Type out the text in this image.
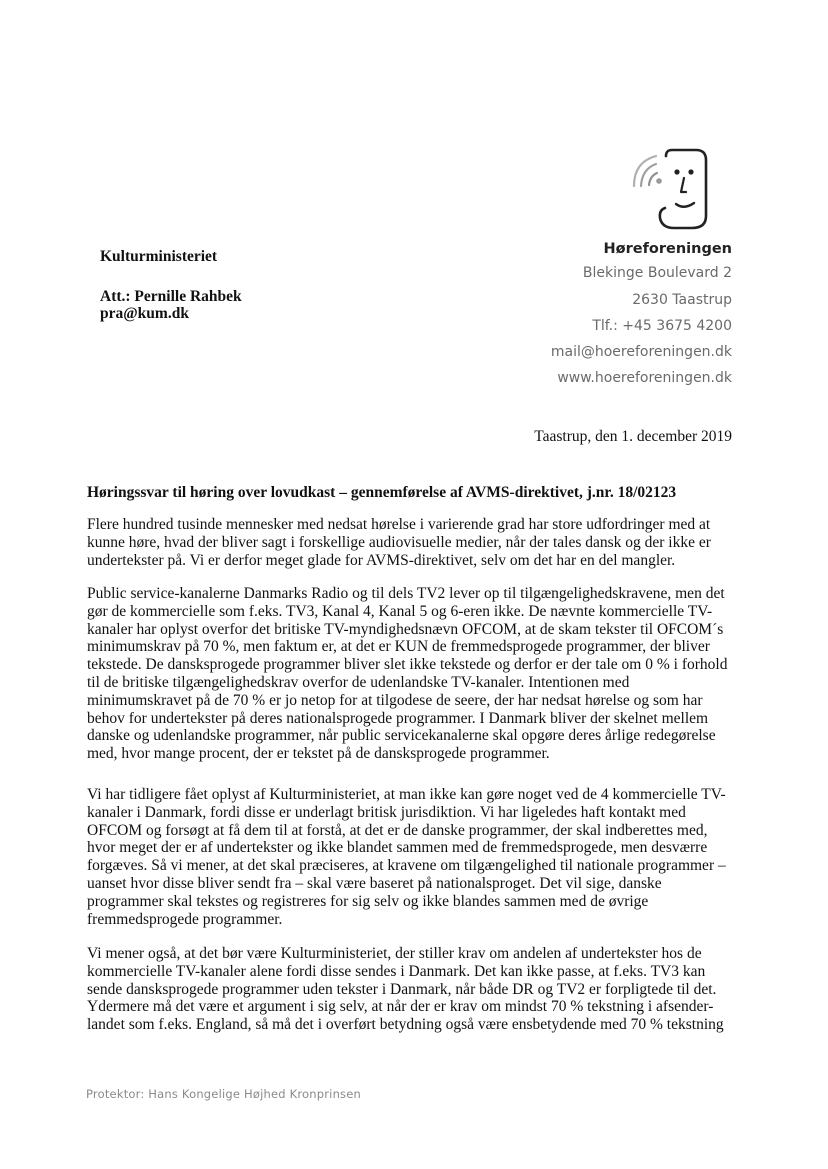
Kulturministeriet
Att.: Pernille Rahbek
pra@kum.dk
Høreforeningen
Blekinge Boulevard 2
2630 Taastrup
Tlf.: +45 3675 4200
mail@hoereforeningen.dk
www.hoereforeningen.dk
Taastrup, den 1. december 2019
Høringssvar til høring over lovudkast – gennemførelse af AVMS-direktivet, j.nr. 18/02123
Flere hundred tusinde mennesker med nedsat hørelse i varierende grad har store udfordringer med at
kunne høre, hvad der bliver sagt i forskellige audiovisuelle medier, når der tales dansk og der ikke er
undertekster på. Vi er derfor meget glade for AVMS-direktivet, selv om det har en del mangler.
Public service-kanalerne Danmarks Radio og til dels TV2 lever op til tilgængelighedskravene, men det
gør de kommercielle som f.eks. TV3, Kanal 4, Kanal 5 og 6-eren ikke. De nævnte kommercielle TV-
kanaler har oplyst overfor det britiske TV-myndighedsnævn OFCOM, at de skam tekster til OFCOM´s
minimumskrav på 70 %, men faktum er, at det er KUN de fremmedsprogede programmer, der bliver
tekstede. De dansksprogede programmer bliver slet ikke tekstede og derfor er der tale om 0 % i forhold
til de britiske tilgængelighedskrav overfor de udenlandske TV-kanaler. Intentionen med
minimumskravet på de 70 % er jo netop for at tilgodese de seere, der har nedsat hørelse og som har
behov for undertekster på deres nationalsprogede programmer. I Danmark bliver der skelnet mellem
danske og udenlandske programmer, når public servicekanalerne skal opgøre deres årlige redegørelse
med, hvor mange procent, der er tekstet på de dansksprogede programmer.
Vi har tidligere fået oplyst af Kulturministeriet, at man ikke kan gøre noget ved de 4 kommercielle TV-
kanaler i Danmark, fordi disse er underlagt britisk jurisdiktion. Vi har ligeledes haft kontakt med
OFCOM og forsøgt at få dem til at forstå, at det er de danske programmer, der skal indberettes med,
hvor meget der er af undertekster og ikke blandet sammen med de fremmedsprogede, men desværre
forgæves. Så vi mener, at det skal præciseres, at kravene om tilgængelighed til nationale programmer –
uanset hvor disse bliver sendt fra – skal være baseret på nationalsproget. Det vil sige, danske
programmer skal tekstes og registreres for sig selv og ikke blandes sammen med de øvrige
fremmedsprogede programmer.
Vi mener også, at det bør være Kulturministeriet, der stiller krav om andelen af undertekster hos de
kommercielle TV-kanaler alene fordi disse sendes i Danmark. Det kan ikke passe, at f.eks. TV3 kan
sende dansksprogede programmer uden tekster i Danmark, når både DR og TV2 er forpligtede til det.
Ydermere må det være et argument i sig selv, at når der er krav om mindst 70 % tekstning i afsender-
landet som f.eks. England, så må det i overført betydning også være ensbetydende med 70 % tekstning
Protektor: Hans Kongelige Højhed Kronprinsen
